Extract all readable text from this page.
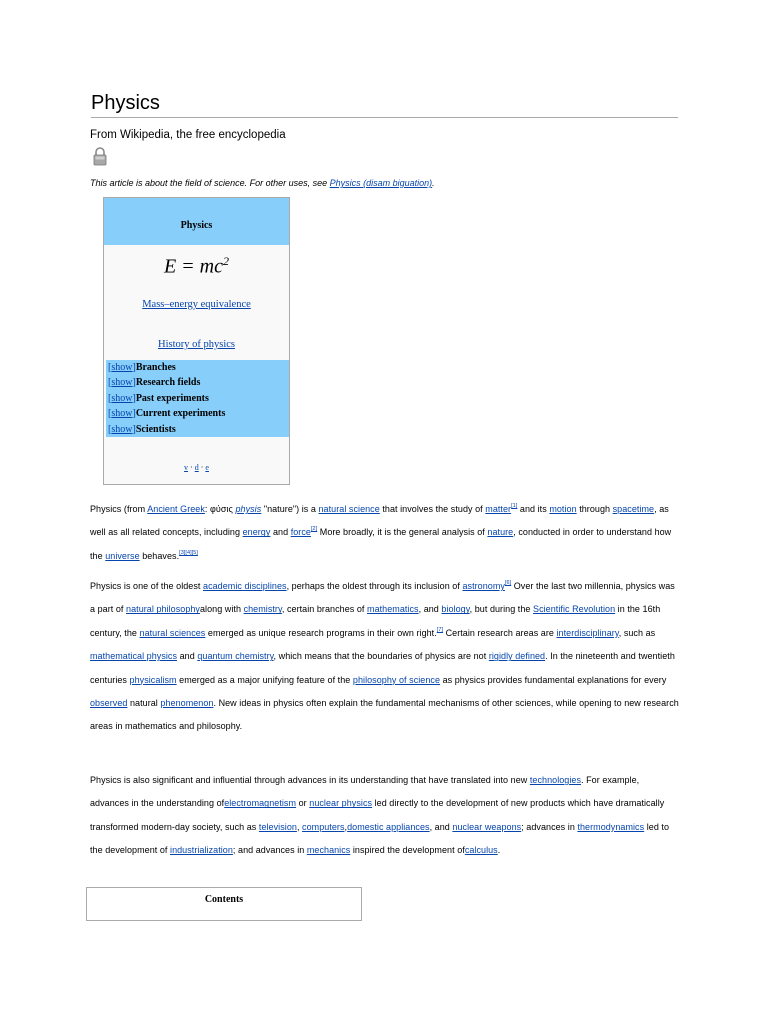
Physics
From Wikipedia, the free encyclopedia
This article is about the field of science. For other uses, see Physics (disam biguation).
Physics
$E = mc^2$
Mass–energy equivalence
History of physics
[show]Branches
[show]Research fields
[show]Past experiments
[show]Current experiments
[show]Scientists
v · d · e
Physics (from Ancient Greek: φύσις physis "nature") is a natural science that involves the study of matter[1] and its motion through spacetime, as well as all related concepts, including energy and force[2] More broadly, it is the general analysis of nature, conducted in order to understand how the universe behaves.[3][4][5]
Physics is one of the oldest academic disciplines, perhaps the oldest through its inclusion of astronomy[6] Over the last two millennia, physics was a part of natural philosophyalong with chemistry, certain branches of mathematics, and biology, but during the Scientific Revolution in the 16th century, the natural sciences emerged as unique research programs in their own right.[7] Certain research areas are interdisciplinary, such as mathematical physics and quantum chemistry, which means that the boundaries of physics are not rigidly defined. In the nineteenth and twentieth centuries physicalism emerged as a major unifying feature of the philosophy of science as physics provides fundamental explanations for every observed natural phenomenon. New ideas in physics often explain the fundamental mechanisms of other sciences, while opening to new research areas in mathematics and philosophy.
Physics is also significant and influential through advances in its understanding that have translated into new technologies. For example, advances in the understanding ofelectromagnetism or nuclear physics led directly to the development of new products which have dramatically transformed modern-day society, such as television, computers,domestic appliances, and nuclear weapons; advances in thermodynamics led to the development of industrialization; and advances in mechanics inspired the development ofcalculus.
Contents
